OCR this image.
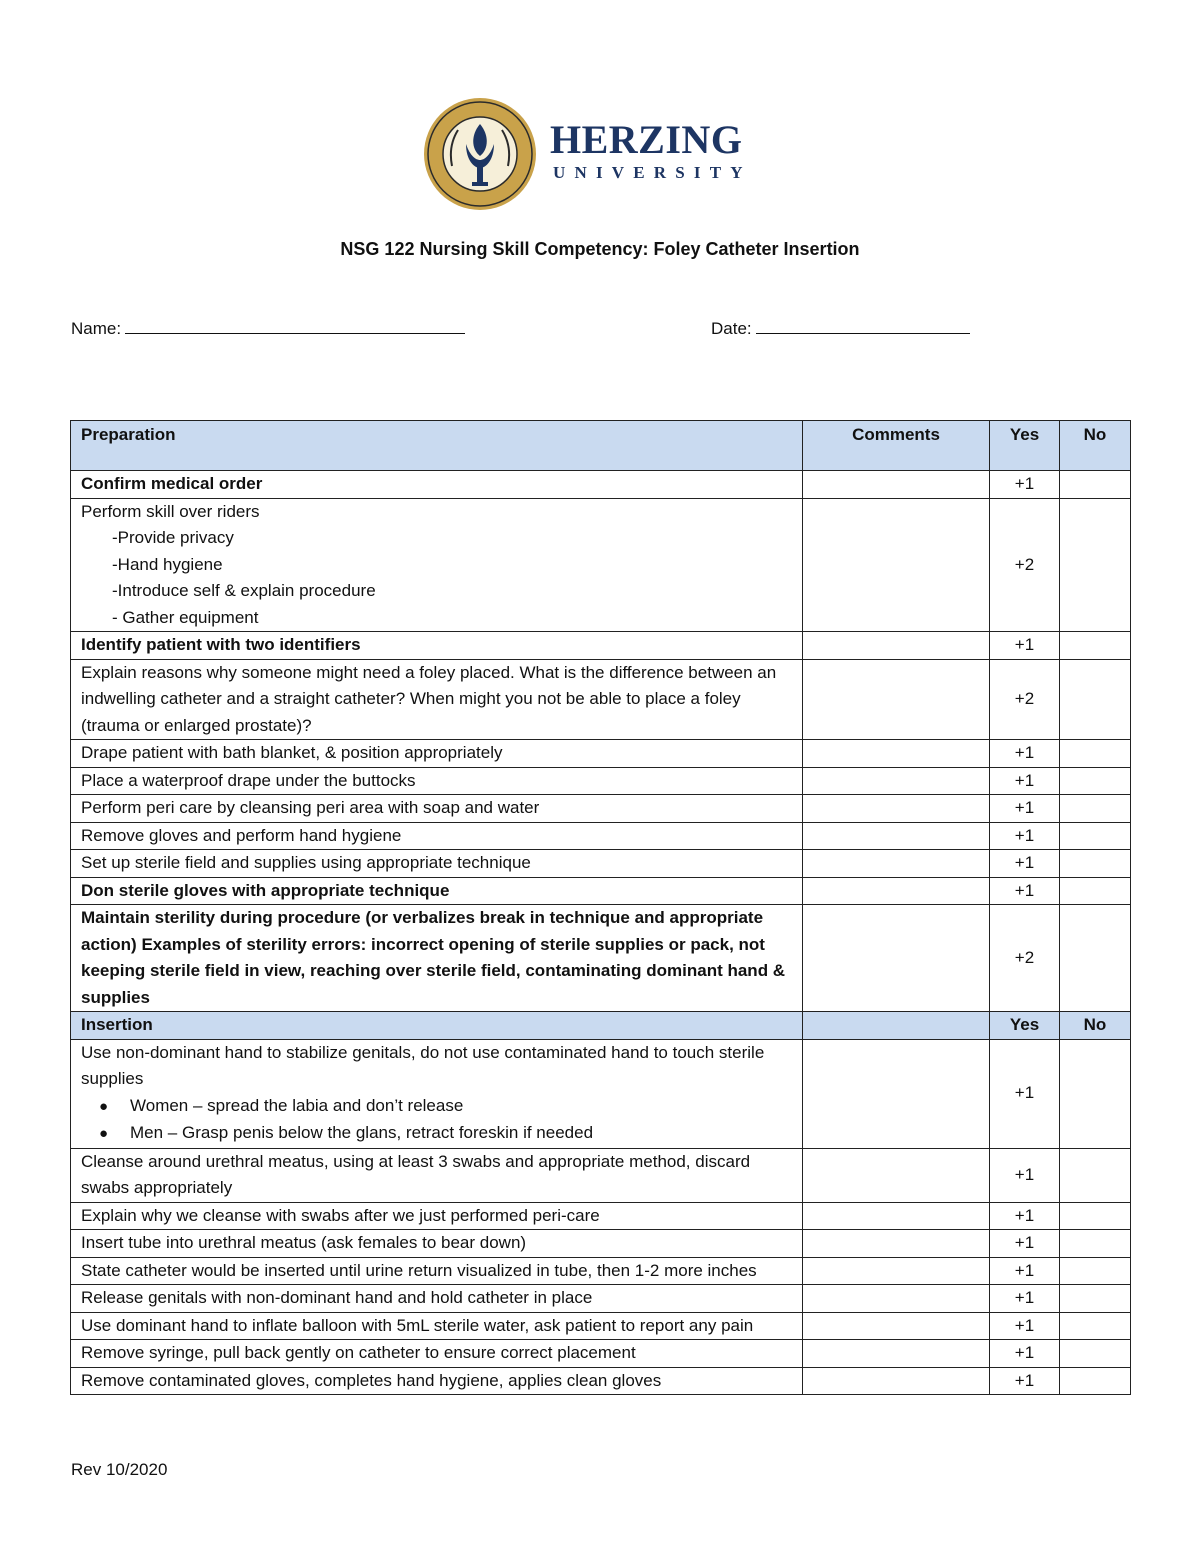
HERZING
UNIVERSITY
NSG 122 Nursing Skill Competency: Foley Catheter Insertion
Name:	Date:
Preparation	Comments	Yes	No
Confirm medical order		+1	
Perform skill over riders
-Provide privacy
-Hand hygiene
-Introduce self & explain procedure
- Gather equipment		+2	
Identify patient with two identifiers		+1	
Explain reasons why someone might need a foley placed. What is the difference between an indwelling catheter and a straight catheter? When might you not be able to place a foley (trauma or enlarged prostate)?		+2	
Drape patient with bath blanket, & position appropriately		+1	
Place a waterproof drape under the buttocks		+1	
Perform peri care by cleansing peri area with soap and water		+1	
Remove gloves and perform hand hygiene		+1	
Set up sterile field and supplies using appropriate technique		+1	
Don sterile gloves with appropriate technique		+1	
Maintain sterility during procedure (or verbalizes break in technique and appropriate action) Examples of sterility errors: incorrect opening of sterile supplies or pack, not keeping sterile field in view, reaching over sterile field, contaminating dominant hand & supplies		+2	
Insertion		Yes	No
Use non-dominant hand to stabilize genitals, do not use contaminated hand to touch sterile supplies
● Women – spread the labia and don’t release
● Men – Grasp penis below the glans, retract foreskin if needed		+1	
Cleanse around urethral meatus, using at least 3 swabs and appropriate method, discard swabs appropriately		+1	
Explain why we cleanse with swabs after we just performed peri-care		+1	
Insert tube into urethral meatus (ask females to bear down)		+1	
State catheter would be inserted until urine return visualized in tube, then 1-2 more inches		+1	
Release genitals with non-dominant hand and hold catheter in place		+1	
Use dominant hand to inflate balloon with 5mL sterile water, ask patient to report any pain		+1	
Remove syringe, pull back gently on catheter to ensure correct placement		+1	
Remove contaminated gloves, completes hand hygiene, applies clean gloves		+1	
Rev 10/2020
